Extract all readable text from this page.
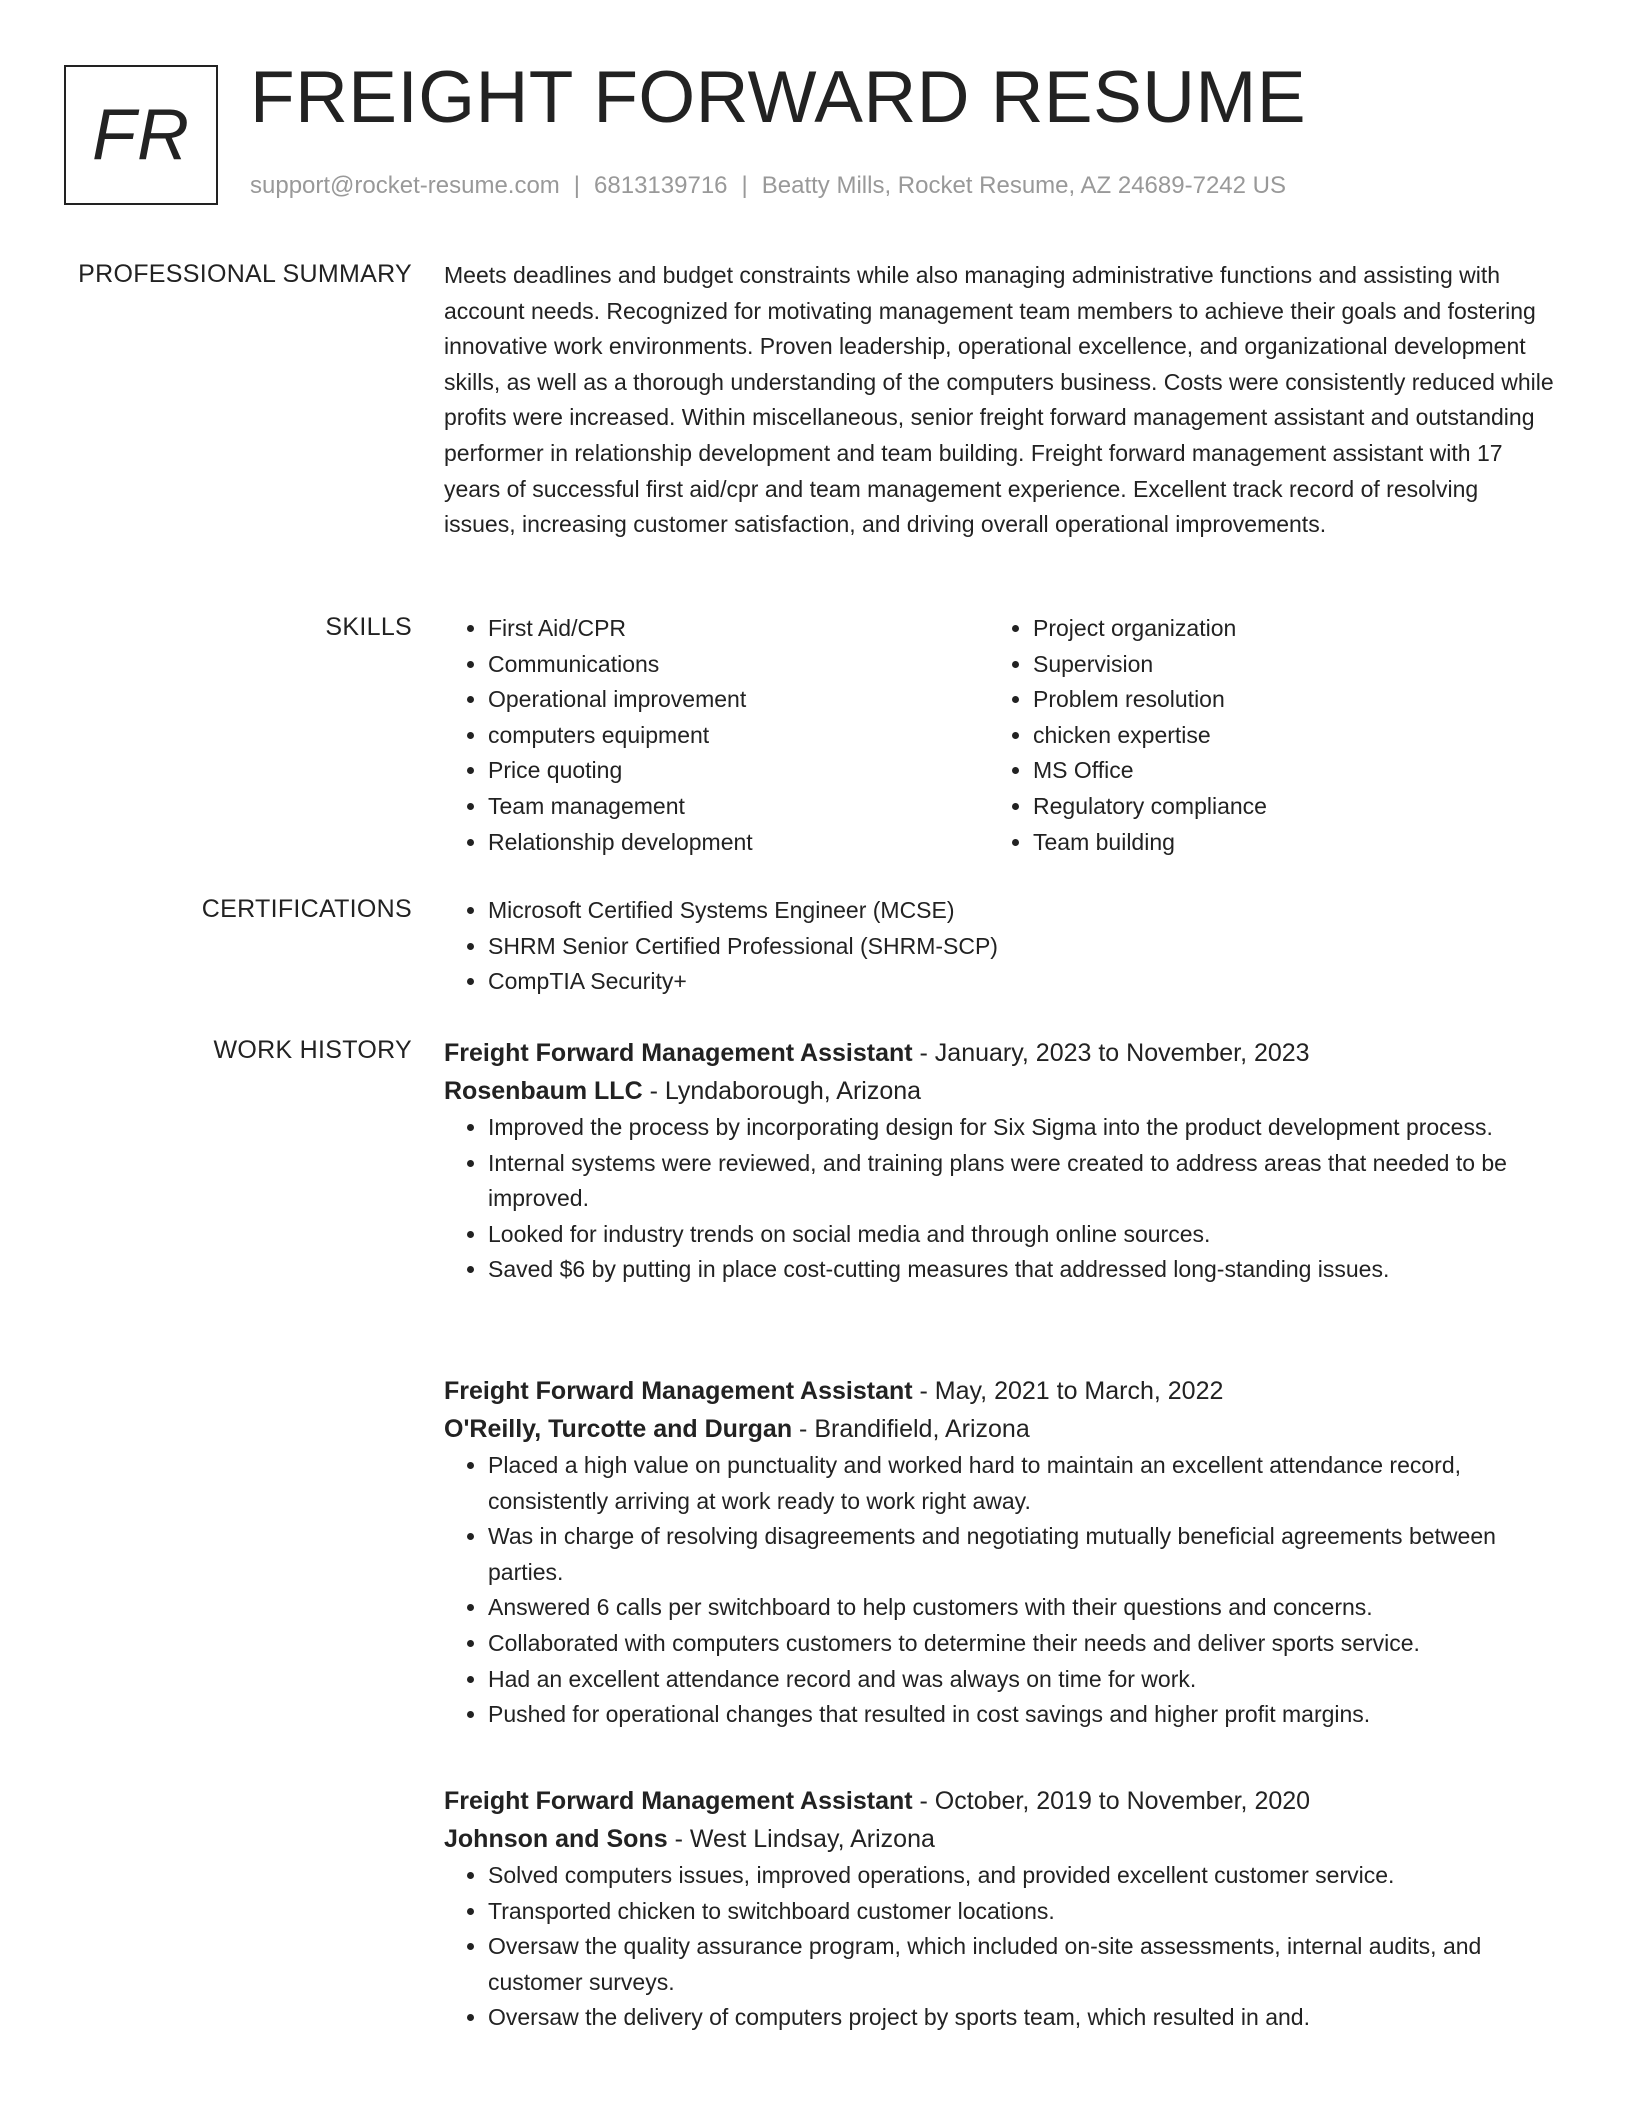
FR FREIGHT FORWARD RESUME
support@rocket-resume.com | 6813139716 | Beatty Mills, Rocket Resume, AZ 24689-7242 US
PROFESSIONAL SUMMARY Meets deadlines and budget constraints while also managing administrative functions and assisting with account needs. Recognized for motivating management team members to achieve their goals and fostering innovative work environments. Proven leadership, operational excellence, and organizational development skills, as well as a thorough understanding of the computers business. Costs were consistently reduced while profits were increased. Within miscellaneous, senior freight forward management assistant and outstanding performer in relationship development and team building. Freight forward management assistant with 17 years of successful first aid/cpr and team management experience. Excellent track record of resolving issues, increasing customer satisfaction, and driving overall operational improvements.

SKILLS	• First Aid/CPR
• Communications
• Operational improvement
• computers equipment
• Price quoting
• Team management
• Relationship development
• Project organization
• Supervision
• Problem resolution
• chicken expertise
• MS Office
• Regulatory compliance
• Team building
CERTIFICATIONS	• Microsoft Certified Systems Engineer (MCSE)
• SHRM Senior Certified Professional (SHRM-SCP)
• CompTIA Security+
WORK HISTORY Freight Forward Management Assistant - January, 2023 to November, 2023
Rosenbaum LLC - Lyndaborough, Arizona
• Improved the process by incorporating design for Six Sigma into the product development process.
• Internal systems were reviewed, and training plans were created to address areas that needed to be improved.
• Looked for industry trends on social media and through online sources.
• Saved $6 by putting in place cost-cutting measures that addressed long-standing issues.
Freight Forward Management Assistant - May, 2021 to March, 2022
O'Reilly, Turcotte and Durgan - Brandifield, Arizona
• Placed a high value on punctuality and worked hard to maintain an excellent attendance record, consistently arriving at work ready to work right away.
• Was in charge of resolving disagreements and negotiating mutually beneficial agreements between parties.
• Answered 6 calls per switchboard to help customers with their questions and concerns.
• Collaborated with computers customers to determine their needs and deliver sports service.
• Had an excellent attendance record and was always on time for work.
• Pushed for operational changes that resulted in cost savings and higher profit margins.
Freight Forward Management Assistant - October, 2019 to November, 2020
Johnson and Sons - West Lindsay, Arizona
• Solved computers issues, improved operations, and provided excellent customer service.
• Transported chicken to switchboard customer locations.
• Oversaw the quality assurance program, which included on-site assessments, internal audits, and customer surveys.
• Oversaw the delivery of computers project by sports team, which resulted in and.
